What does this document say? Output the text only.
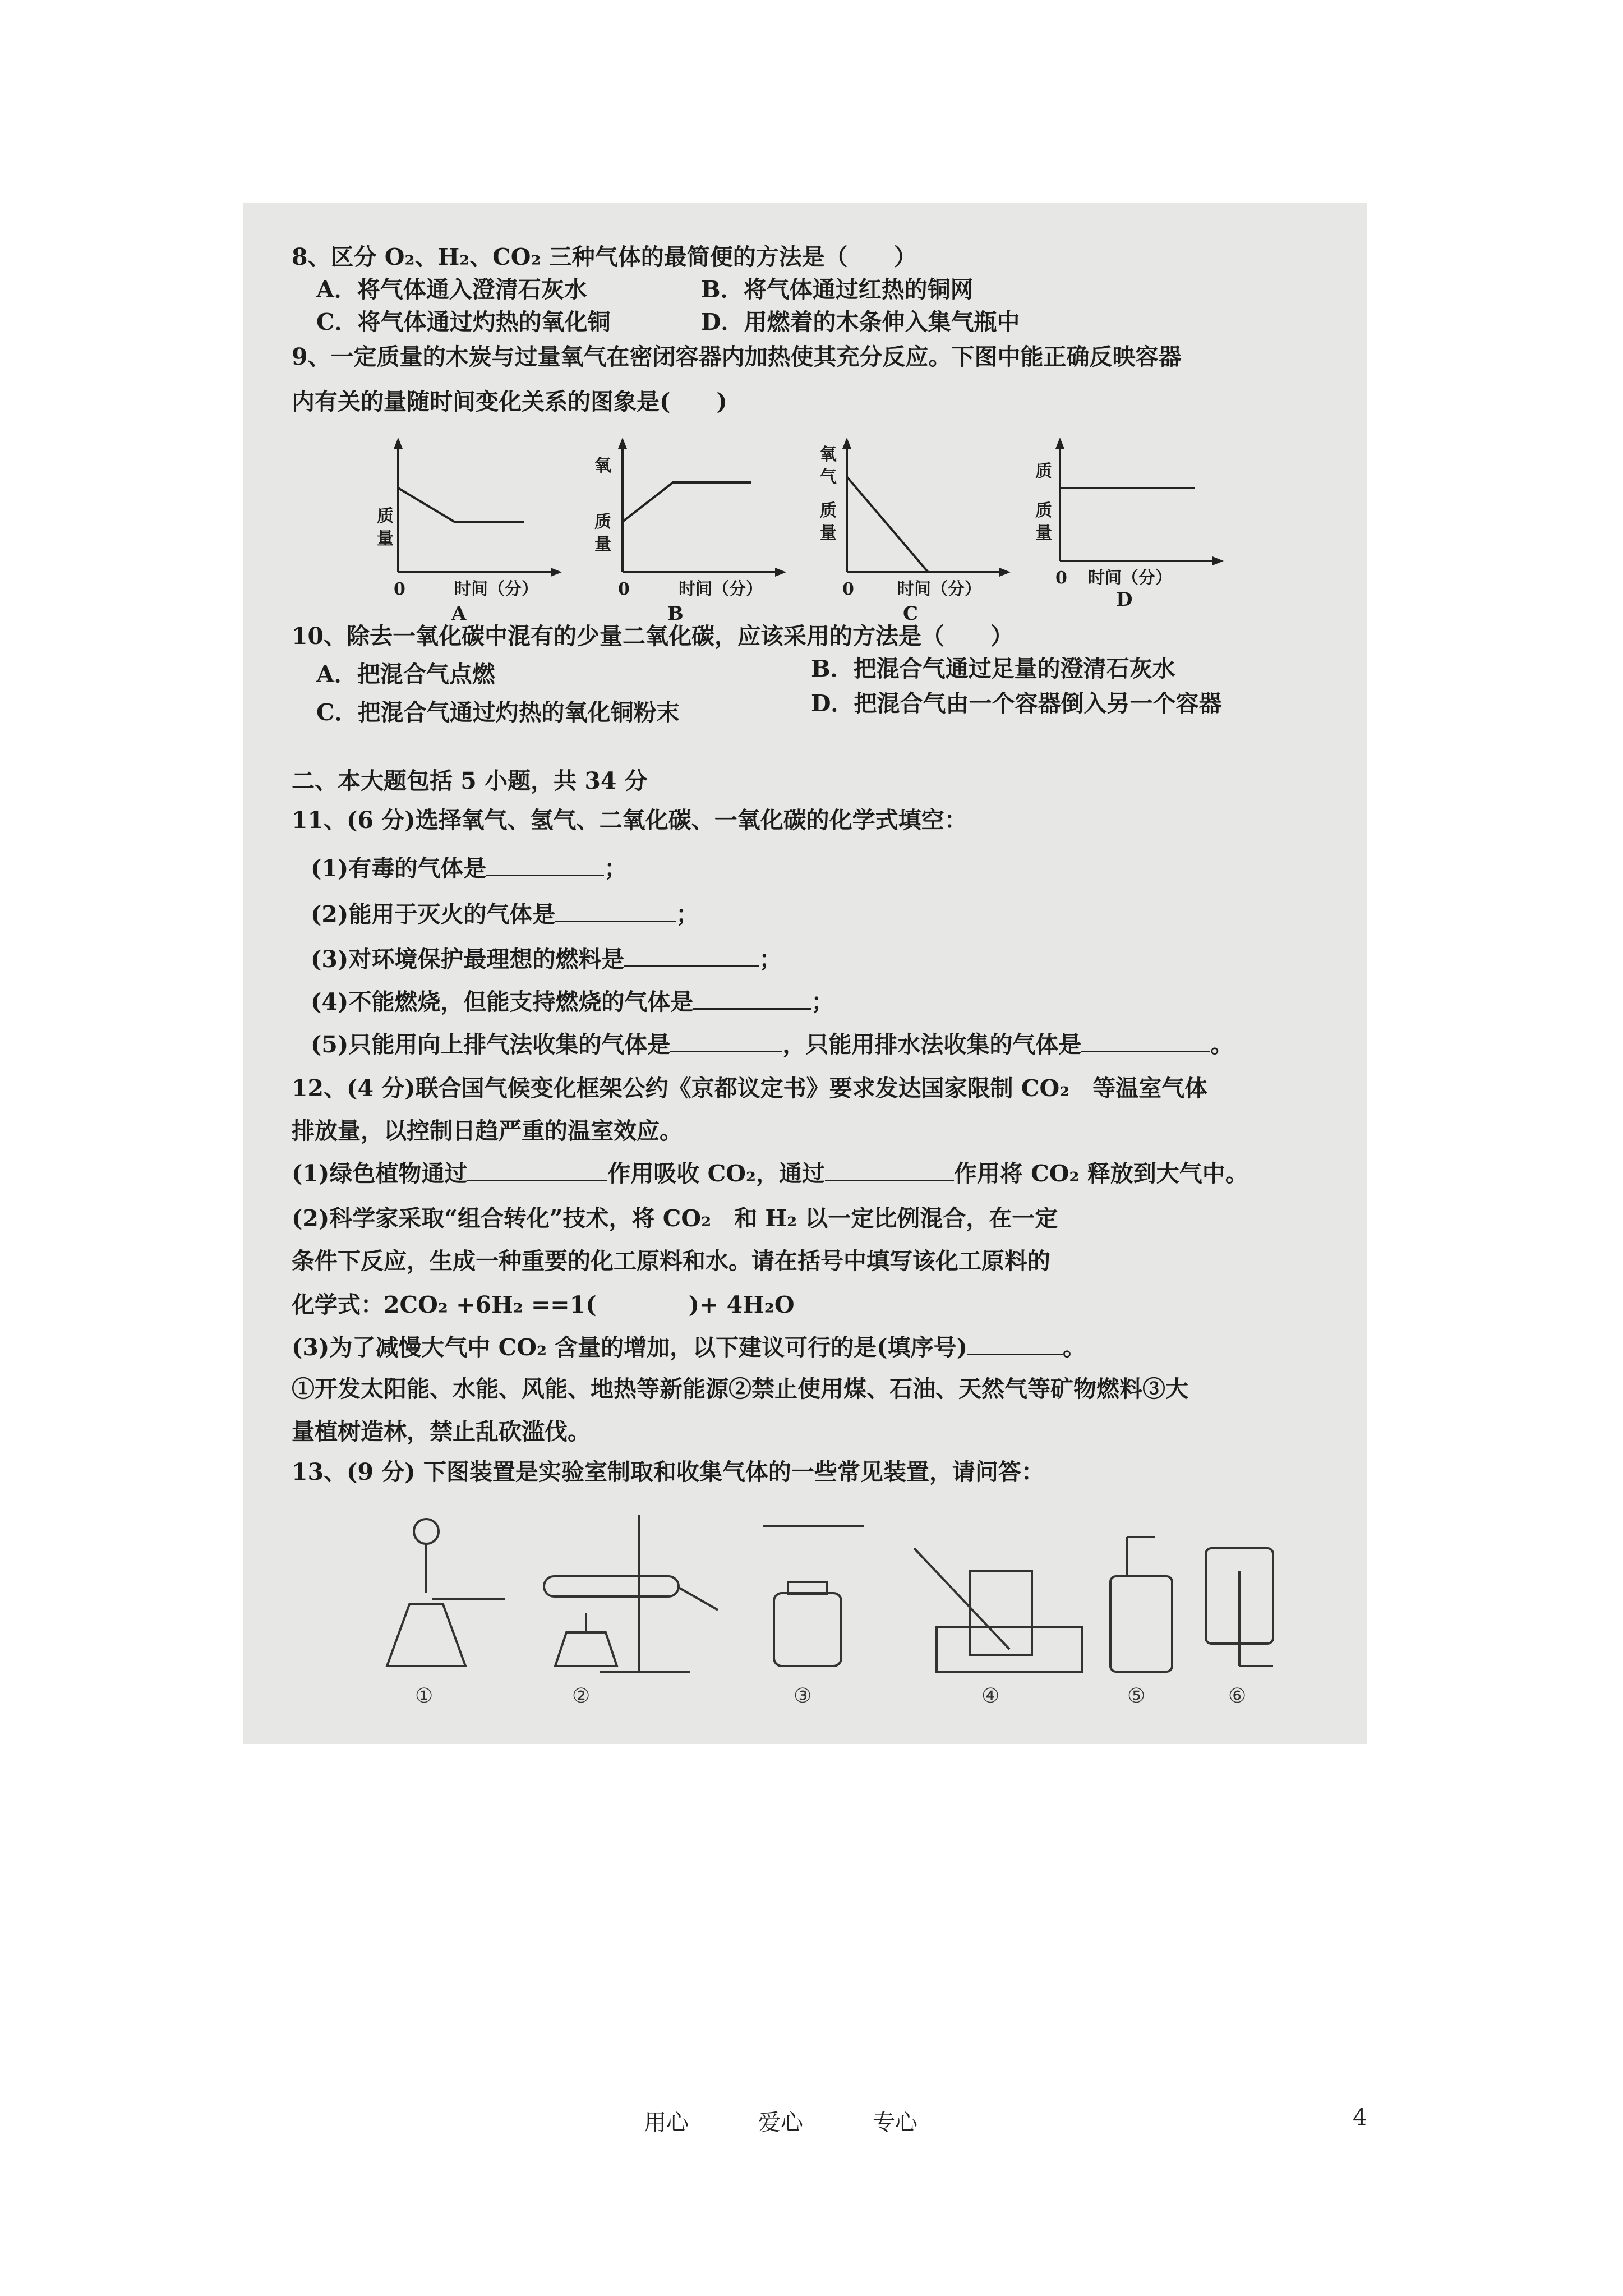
8、区分 O₂、H₂、CO₂ 三种气体的最简便的方法是（　　）
A．将气体通入澄清石灰水	B．将气体通过红热的铜网
C．将气体通过灼热的氧化铜	D．用燃着的木条伸入集气瓶中
9、一定质量的木炭与过量氧气在密闭容器内加热使其充分反应。下图中能正确反映容器
内有关的量随时间变化关系的图象是(　　)
质
量
0	时间（分）
A
氧
质
量
0	时间（分）
B
氧
气
质
量
0	时间（分）
C
质
质
量
0 时间（分）
D
10、除去一氧化碳中混有的少量二氧化碳，应该采用的方法是（　　）
A．把混合气点燃	B．把混合气通过足量的澄清石灰水
C．把混合气通过灼热的氧化铜粉末	D．把混合气由一个容器倒入另一个容器
二、本大题包括 5 小题，共 34 分
11、(6 分)选择氧气、氢气、二氧化碳、一氧化碳的化学式填空：
(1)有毒的气体是	；
(2)能用于灭火的气体是	；
(3)对环境保护最理想的燃料是	；
(4)不能燃烧，但能支持燃烧的气体是	；
(5)只能用向上排气法收集的气体是	，只能用排水法收集的气体是	。
12、(4 分)联合国气候变化框架公约《京都议定书》要求发达国家限制 CO₂　等温室气体
排放量，以控制日趋严重的温室效应。
(1)绿色植物通过	作用吸收 CO₂，通过	作用将 CO₂ 释放到大气中。
(2)科学家采取“组合转化”技术，将 CO₂　和 H₂ 以一定比例混合，在一定
条件下反应，生成一种重要的化工原料和水。请在括号中填写该化工原料的
化学式：2CO₂ +6H₂ ==1(　　　　)+ 4H₂O
(3)为了减慢大气中 CO₂ 含量的增加，以下建议可行的是(填序号)	。
①开发太阳能、水能、风能、地热等新能源②禁止使用煤、石油、天然气等矿物燃料③大
量植树造林，禁止乱砍滥伐。
13、(9 分) 下图装置是实验室制取和收集气体的一些常见装置，请问答：
①	②	③	④	⑤	⑥
用心	爱心	专心	4
